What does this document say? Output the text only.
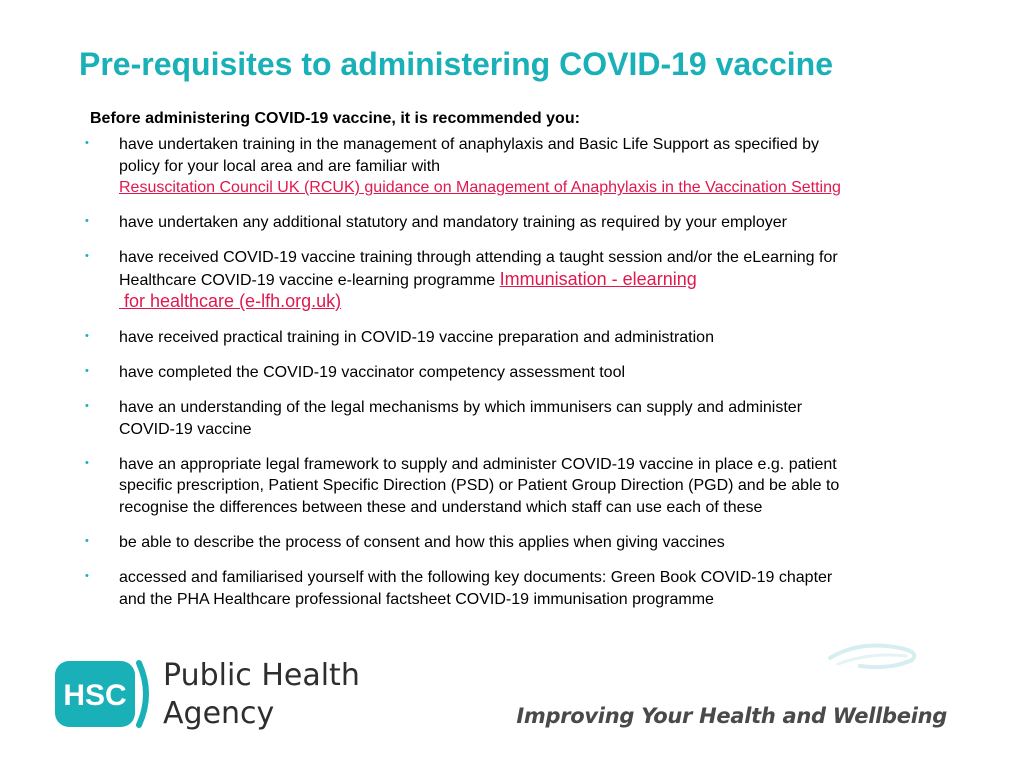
Pre-requisites to administering COVID-19 vaccine

Before administering COVID-19 vaccine, it is recommended you:

• have undertaken training in the management of anaphylaxis and Basic Life Support as specified by
policy for your local area and are familiar with
Resuscitation Council UK (RCUK) guidance on Management of Anaphylaxis in the Vaccination Setting
• have undertaken any additional statutory and mandatory training as required by your employer
• have received COVID-19 vaccine training through attending a taught session and/or the eLearning for
Healthcare COVID-19 vaccine e-learning programme Immunisation - elearning
for healthcare (e-lfh.org.uk)
• have received practical training in COVID-19 vaccine preparation and administration
• have completed the COVID-19 vaccinator competency assessment tool
• have an understanding of the legal mechanisms by which immunisers can supply and administer
COVID-19 vaccine
• have an appropriate legal framework to supply and administer COVID-19 vaccine in place e.g. patient
specific prescription, Patient Specific Direction (PSD) or Patient Group Direction (PGD) and be able to
recognise the differences between these and understand which staff can use each of these
• be able to describe the process of consent and how this applies when giving vaccines
• accessed and familiarised yourself with the following key documents: Green Book COVID-19 chapter
and the PHA Healthcare professional factsheet COVID-19 immunisation programme
HSC
Public Health
Agency	Improving Your Health and Wellbeing
